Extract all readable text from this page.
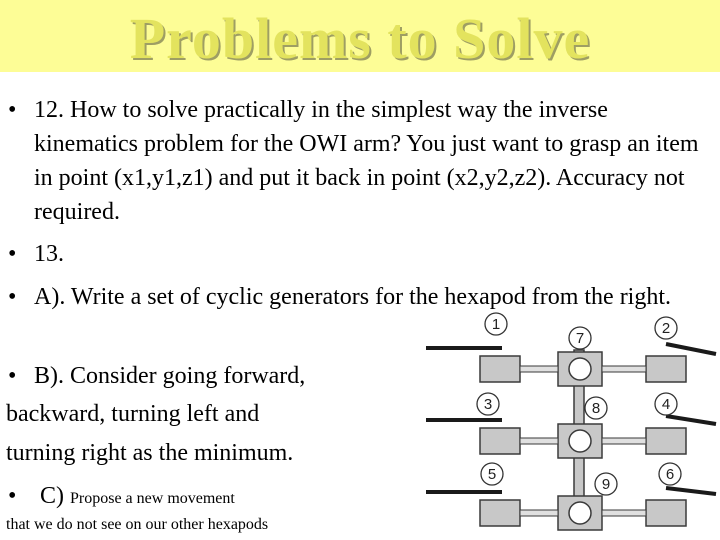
Problems to Solve
• 12. How to solve practically in the simplest way the inverse kinematics problem for the OWI arm? You just want to grasp an item in point (x1,y1,z1) and put it back in point (x2,y2,z2). Accuracy not required.
• 13.
• A). Write a set of cyclic generators for the hexapod from the right.
• B). Consider going forward,
backward, turning left and
turning right as the minimum.
• C) Propose a new movement
that we do not see on our other hexapods
1	2
3	4
5	6
7
8
9
